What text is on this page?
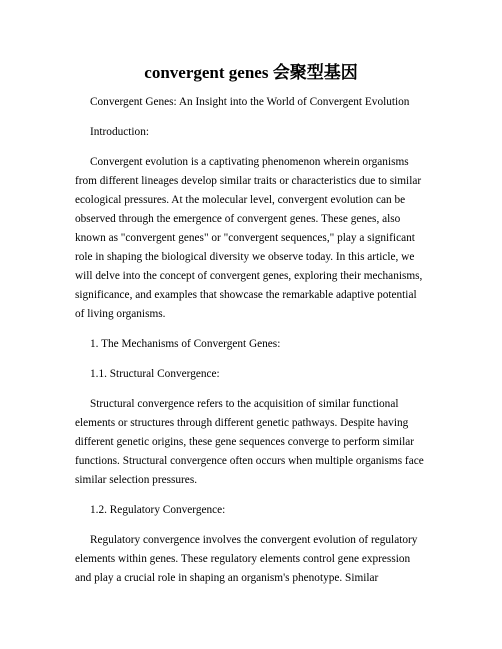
convergent genes 会聚型基因

Convergent Genes: An Insight into the World of Convergent Evolution

Introduction:

Convergent evolution is a captivating phenomenon wherein organisms from different lineages develop similar traits or characteristics due to similar ecological pressures. At the molecular level, convergent evolution can be observed through the emergence of convergent genes. These genes, also known as "convergent genes" or "convergent sequences," play a significant role in shaping the biological diversity we observe today. In this article, we will delve into the concept of convergent genes, exploring their mechanisms, significance, and examples that showcase the remarkable adaptive potential of living organisms.

1. The Mechanisms of Convergent Genes:

1.1. Structural Convergence:

Structural convergence refers to the acquisition of similar functional elements or structures through different genetic pathways. Despite having different genetic origins, these gene sequences converge to perform similar functions. Structural convergence often occurs when multiple organisms face similar selection pressures.

1.2. Regulatory Convergence:

Regulatory convergence involves the convergent evolution of regulatory elements within genes. These regulatory elements control gene expression and play a crucial role in shaping an organism's phenotype. Similar
